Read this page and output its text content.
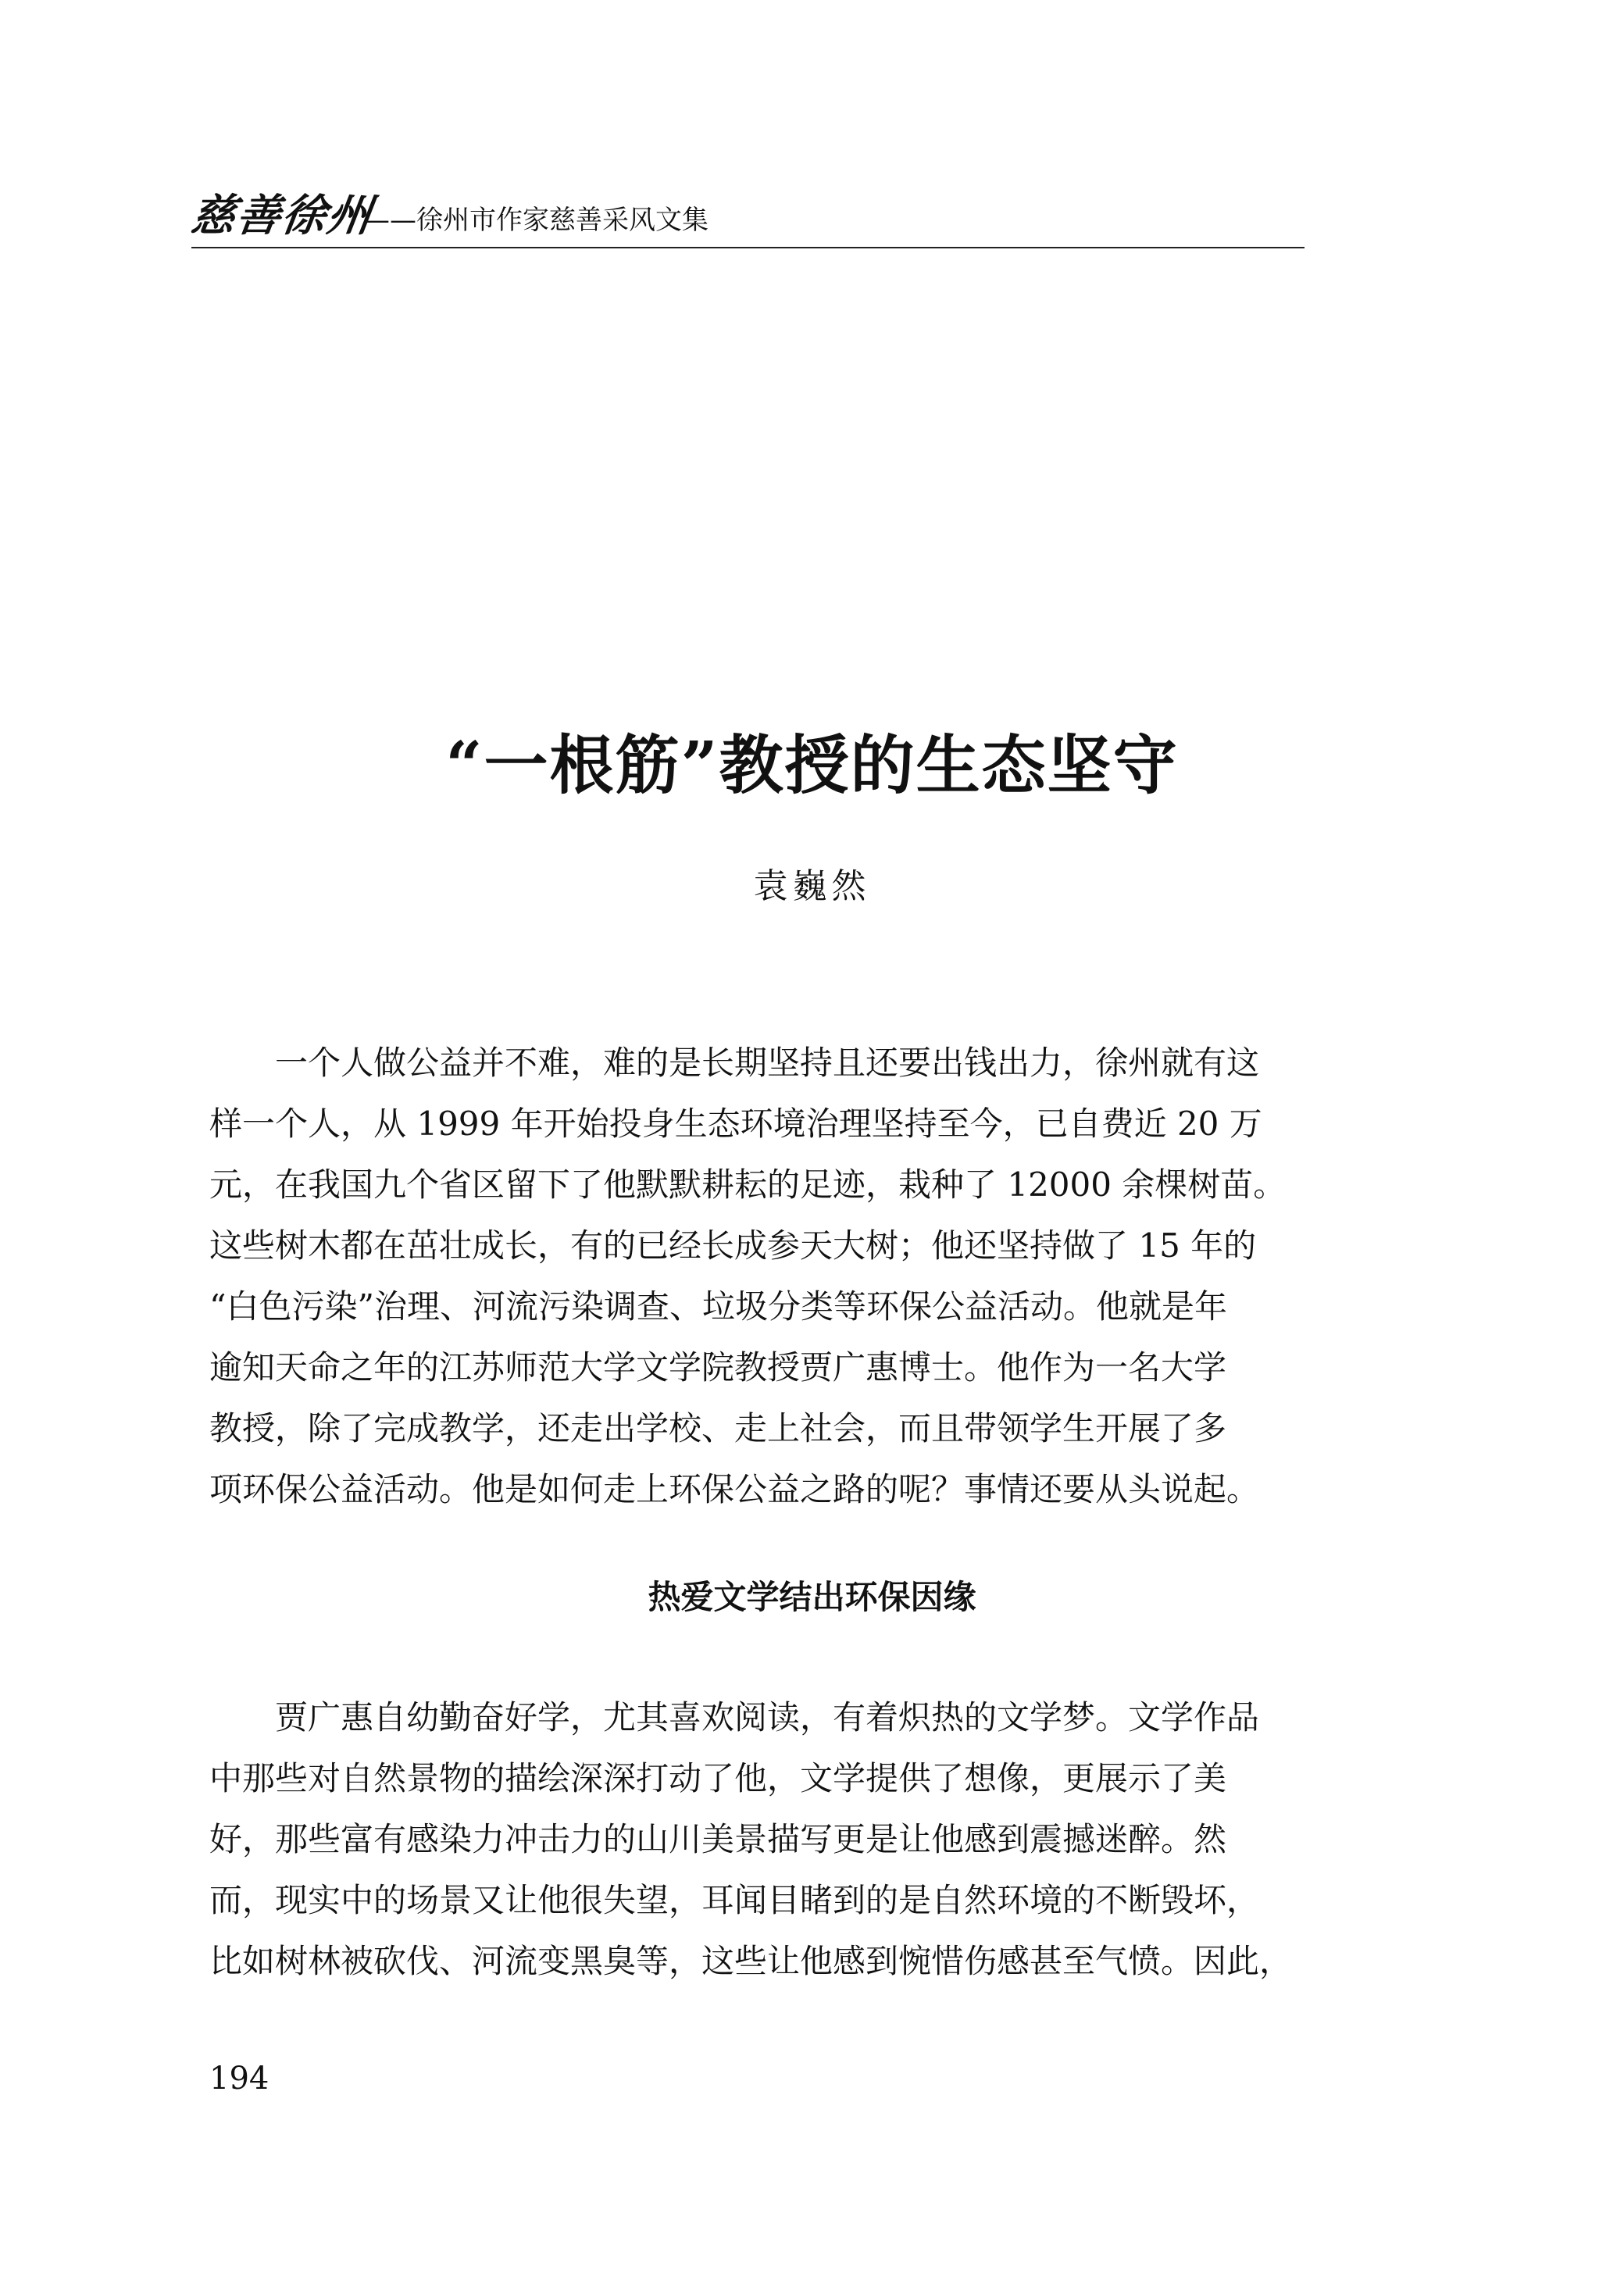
慈善徐州
——徐州市作家慈善采风文集
“一根筋”教授的生态坚守
袁巍然
　　一个人做公益并不难，难的是长期坚持且还要出钱出力，徐州就有这
样一个人，从 1999 年开始投身生态环境治理坚持至今，已自费近 20 万
元，在我国九个省区留下了他默默耕耘的足迹，栽种了 12000 余棵树苗。
这些树木都在茁壮成长，有的已经长成参天大树；他还坚持做了 15 年的
“白色污染”治理、河流污染调查、垃圾分类等环保公益活动。他就是年
逾知天命之年的江苏师范大学文学院教授贾广惠博士。他作为一名大学
教授，除了完成教学，还走出学校、走上社会，而且带领学生开展了多
项环保公益活动。他是如何走上环保公益之路的呢？事情还要从头说起。
热爱文学结出环保因缘
　　贾广惠自幼勤奋好学，尤其喜欢阅读，有着炽热的文学梦。文学作品
中那些对自然景物的描绘深深打动了他，文学提供了想像，更展示了美
好，那些富有感染力冲击力的山川美景描写更是让他感到震撼迷醉。然
而，现实中的场景又让他很失望，耳闻目睹到的是自然环境的不断毁坏，
比如树林被砍伐、河流变黑臭等，这些让他感到惋惜伤感甚至气愤。因此，
194
